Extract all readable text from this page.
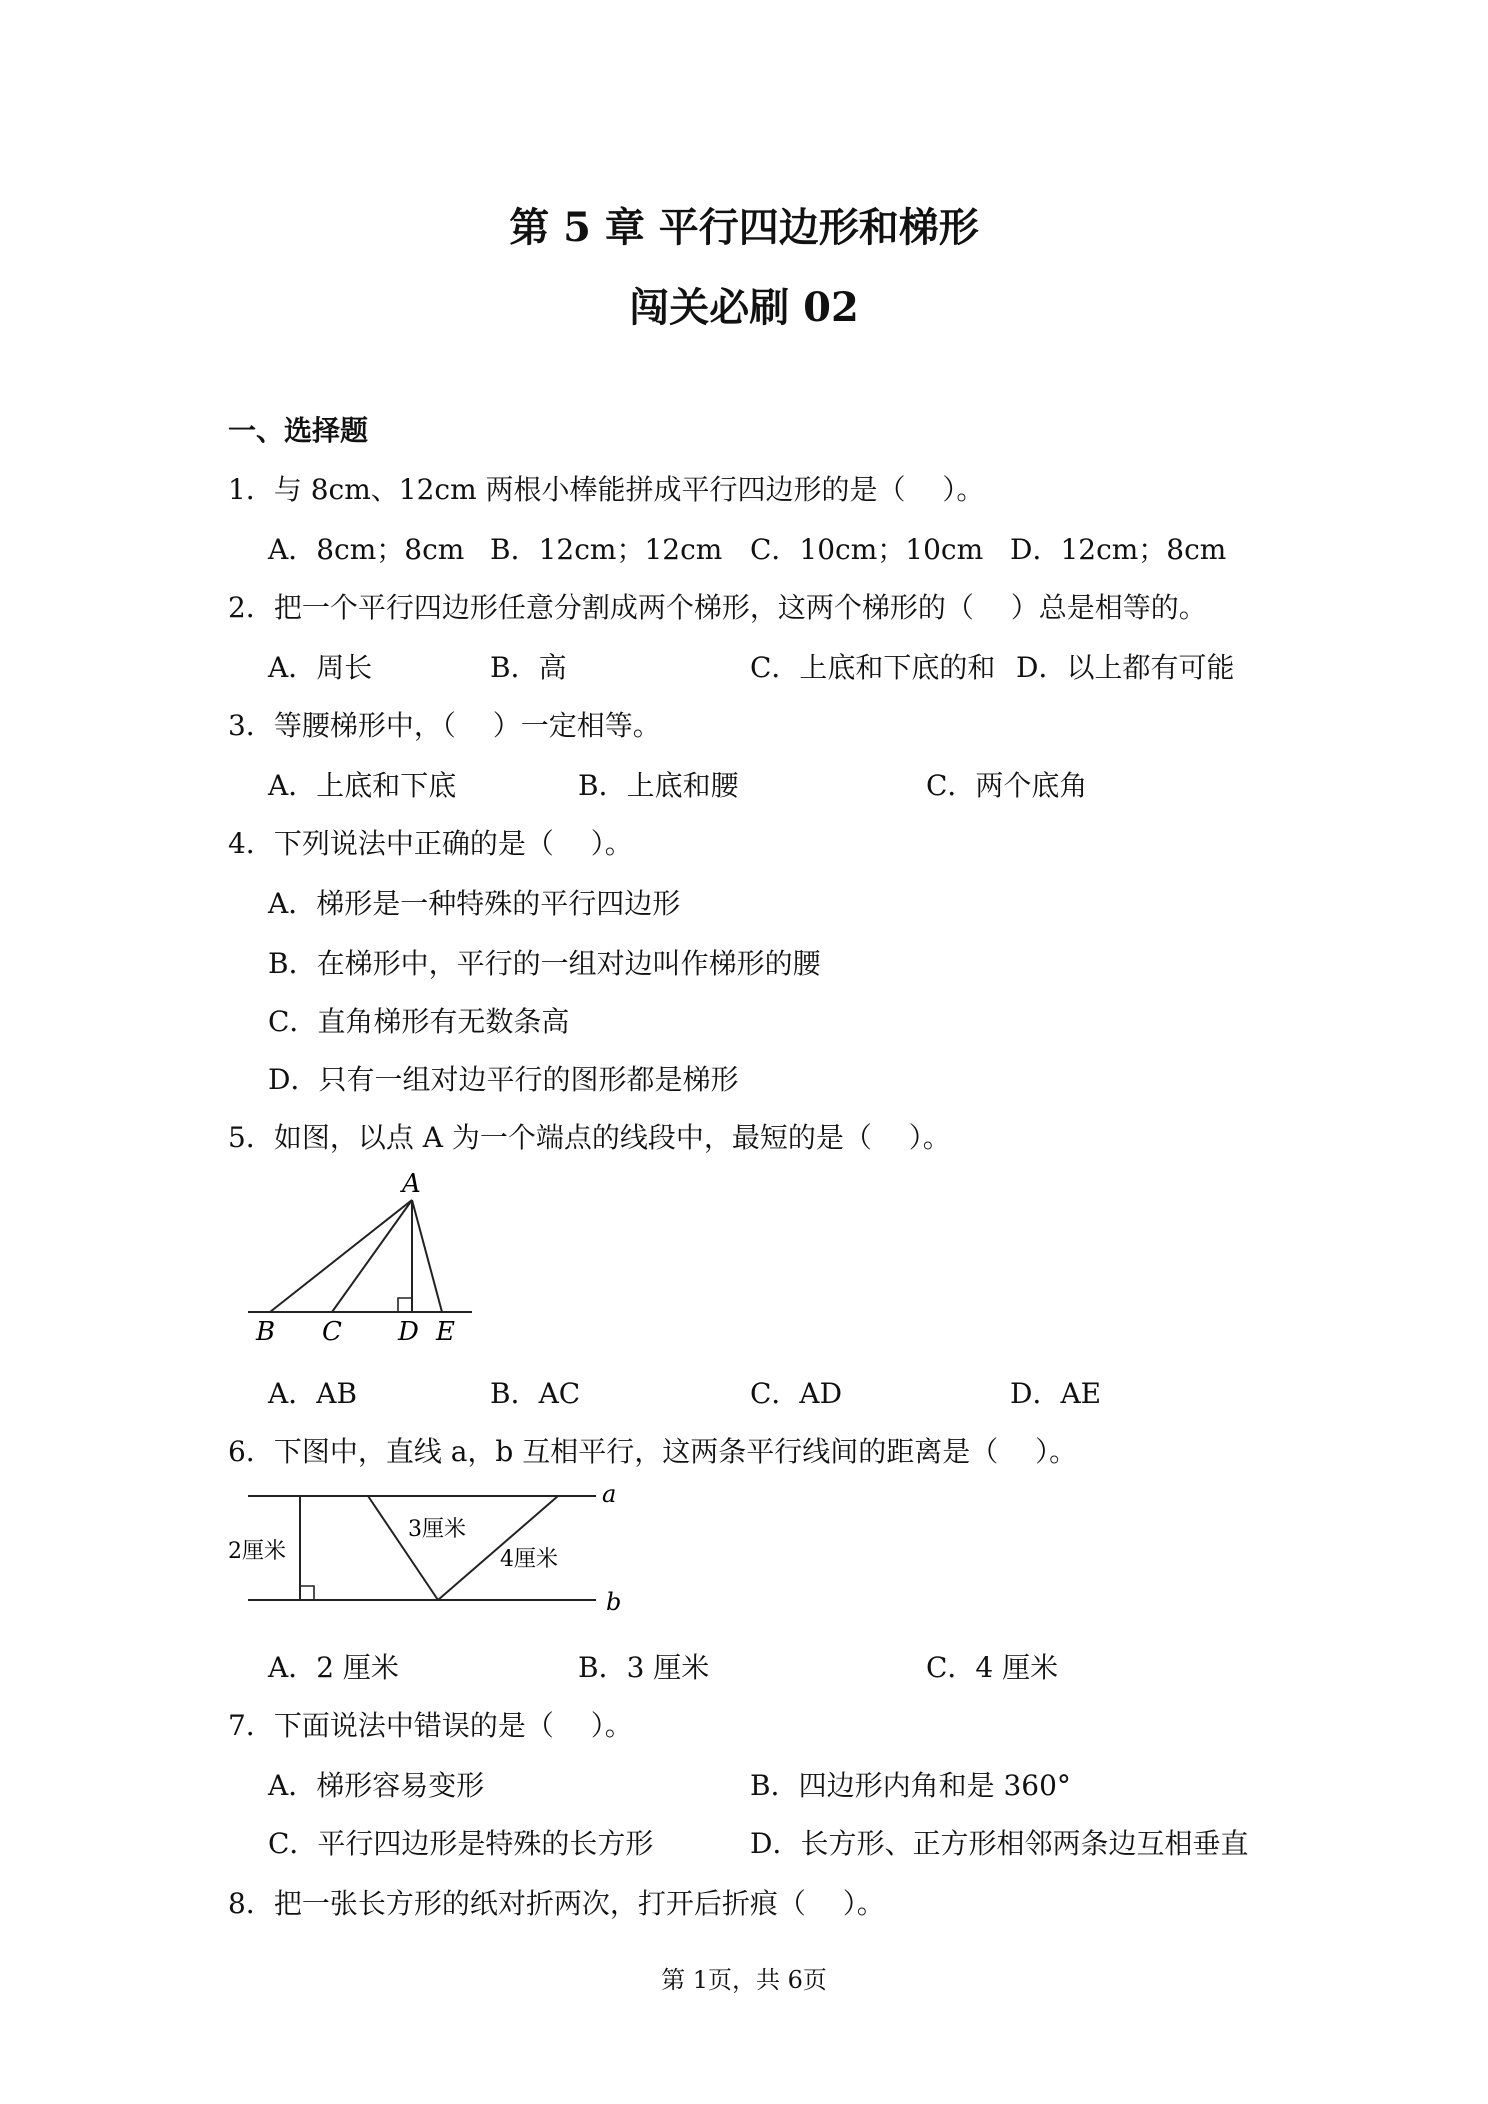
第 5 章 平行四边形和梯形
闯关必刷 02
一、选择题
1．与 8cm、12cm 两根小棒能拼成平行四边形的是（　 ）。
A．8cm；8cm B．12cm；12cm C．10cm；10cm D．12cm；8cm
2．把一个平行四边形任意分割成两个梯形，这两个梯形的（　 ）总是相等的。
A．周长	B．高	C．上底和下底的和 D．以上都有可能
3．等腰梯形中，（　 ）一定相等。
A．上底和下底	B．上底和腰	C．两个底角
4．下列说法中正确的是（　 ）。
A．梯形是一种特殊的平行四边形
B．在梯形中，平行的一组对边叫作梯形的腰
C．直角梯形有无数条高
D．只有一组对边平行的图形都是梯形
5．如图，以点 A 为一个端点的线段中，最短的是（　 ）。
A
B C D E
A．AB	B．AC	C．AD	D．AE
6．下图中，直线 a，b 互相平行，这两条平行线间的距离是（　 ）。
a
b
2厘米
3厘米
4厘米
A．2 厘米	B．3 厘米	C．4 厘米
7．下面说法中错误的是（　 ）。
A．梯形容易变形	B．四边形内角和是 360°
C．平行四边形是特殊的长方形	D．长方形、正方形相邻两条边互相垂直
8．把一张长方形的纸对折两次，打开后折痕（　 ）。
第 1页，共 6页
